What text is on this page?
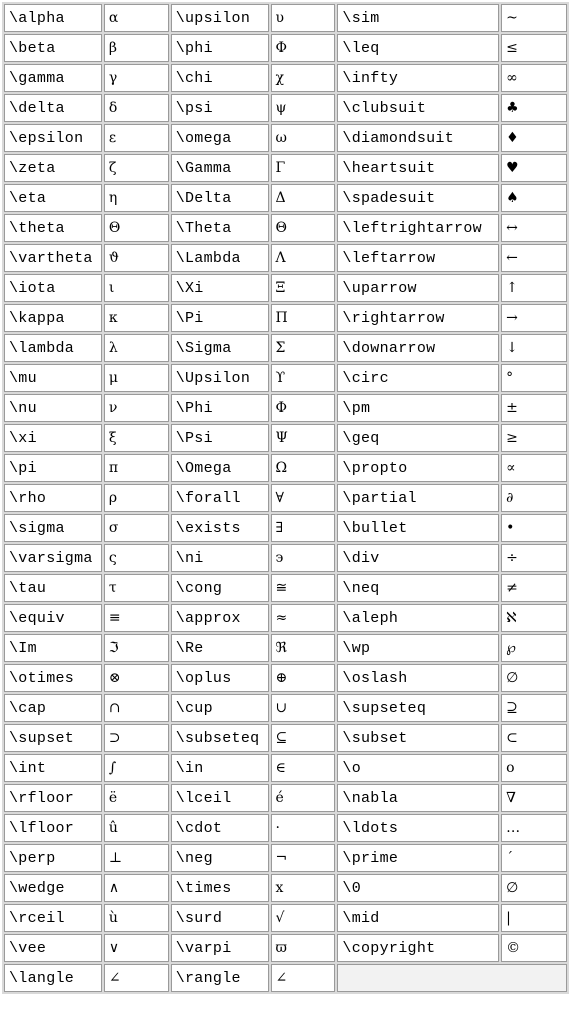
\alpha	α	\upsilon	υ	\sim	~
\beta	β	\phi	Φ	\leq	≤
\gamma	γ	\chi	χ	\infty	∞
\delta	δ	\psi	ψ	\clubsuit	♣
\epsilon	ε	\omega	ω	\diamondsuit	♦
\zeta	ζ	\Gamma	Γ	\heartsuit	♥
\eta	η	\Delta	Δ	\spadesuit	♠
\theta	Θ	\Theta	Θ	\leftrightarrow	↔
\vartheta	ϑ	\Lambda	Λ	\leftarrow	←
\iota	ι	\Xi	Ξ	\uparrow	↑
\kappa	κ	\Pi	Π	\rightarrow	→
\lambda	λ	\Sigma	Σ	\downarrow	↓
\mu	μ	\Upsilon	ϒ	\circ	°
\nu	ν	\Phi	Φ	\pm	±
\xi	ξ	\Psi	Ψ	\geq	≥
\pi	π	\Omega	Ω	\propto	∝
\rho	ρ	\forall	∀	\partial	∂
\sigma	σ	\exists	∃	\bullet	•
\varsigma	ς	\ni	϶	\div	÷
\tau	τ	\cong	≅	\neq	≠
\equiv	≡	\approx	≈	\aleph	ℵ
\Im	ℑ	\Re	ℜ	\wp	℘
\otimes	⊗	\oplus	⊕	\oslash	∅
\cap	∩	\cup	∪	\supseteq	⊇
\supset	⊃	\subseteq	⊆	\subset	⊂
\int	∫	\in	∈	\o	ο
\rfloor	ë	\lceil	é	\nabla	∇
\lfloor	û	\cdot	·	\ldots	…
\perp	⊥	\neg	¬	\prime	´
\wedge	∧	\times	x	\0	∅
\rceil	ù	\surd	√	\mid	|
\vee	∨	\varpi	ϖ	\copyright	©
\langle	∠	\rangle	∠		
